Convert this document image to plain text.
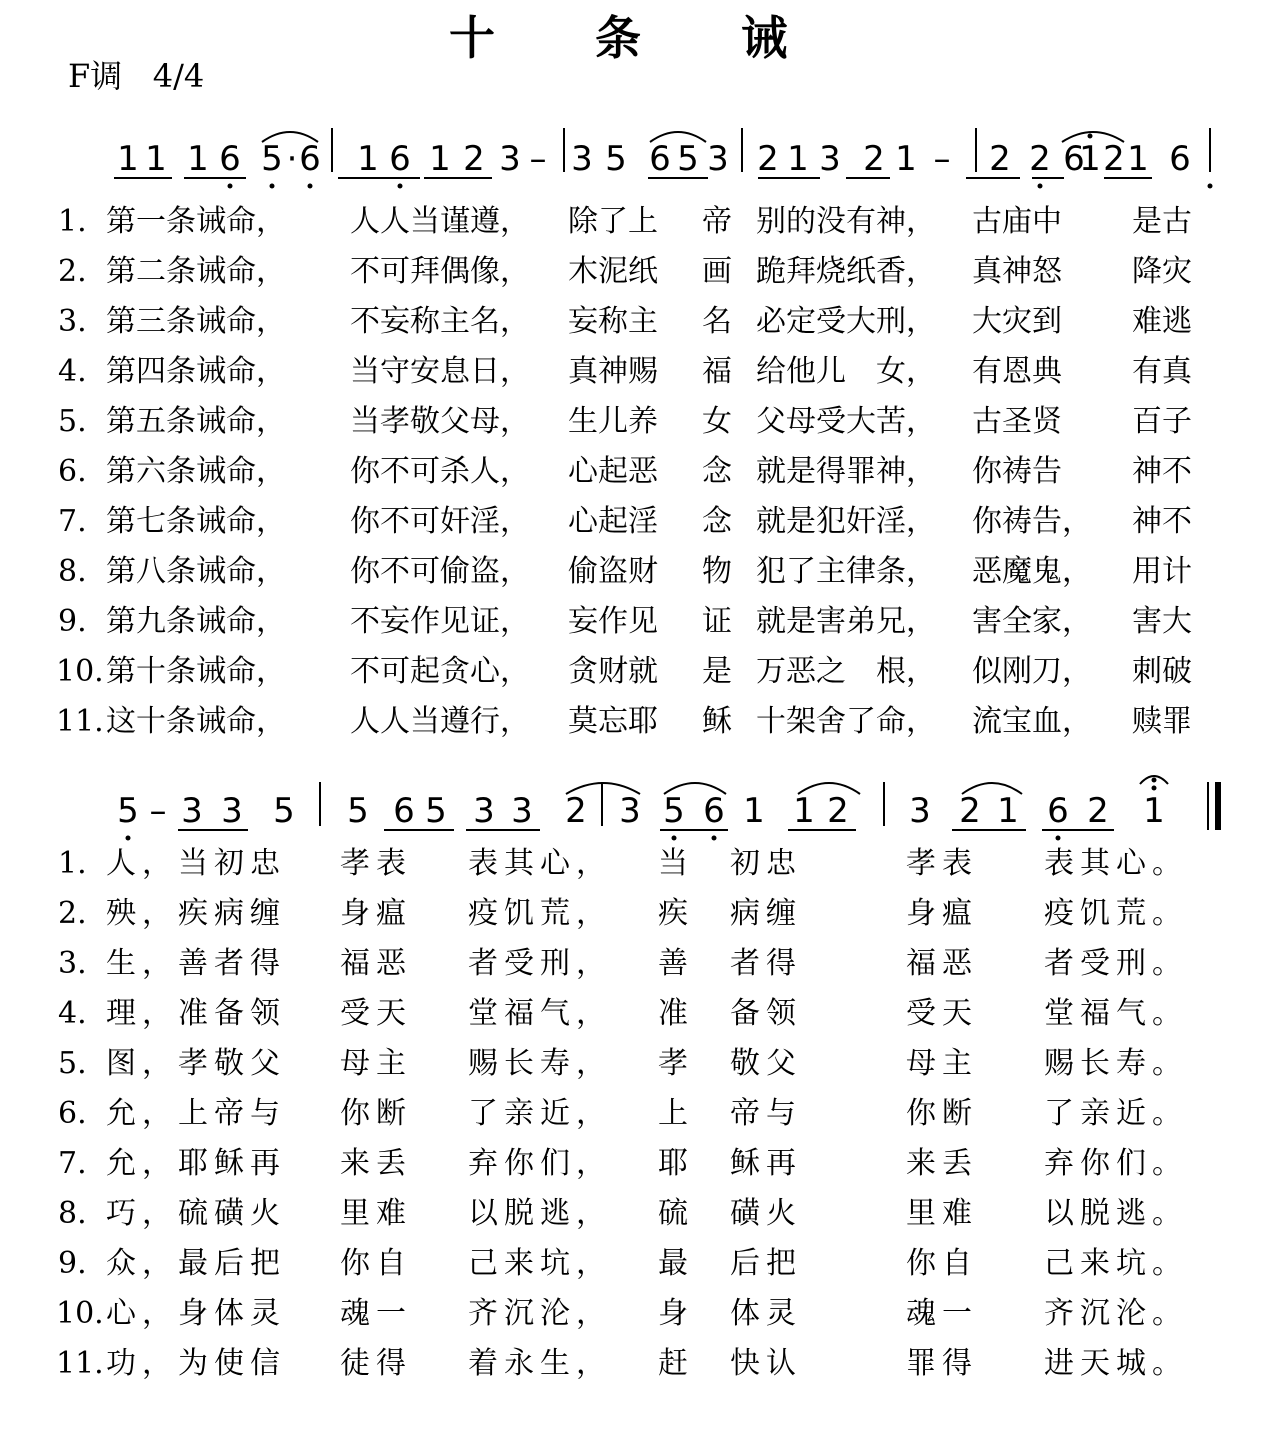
十 条 诫
F调 4/4
1 1 1 6 5 · 6 1 6 1 2 3 – 3 5 6 5 3 2 1 3 2 1 – 2 2 6
1 2 1 6
1. 第一条诫命， 人人当谨遵， 除了上 帝 别的没有神， 古庙中 是古
2. 第二条诫命， 不可拜偶像， 木泥纸 画 跪拜烧纸香， 真神怒 降灾
3. 第三条诫命， 不妄称主名， 妄称主 名 必定受大刑， 大灾到 难逃
4. 第四条诫命， 当守安息日， 真神赐 福 给他儿　女， 有恩典 有真
5. 第五条诫命， 当孝敬父母， 生儿养 女 父母受大苦， 古圣贤 百子
6. 第六条诫命， 你不可杀人， 心起恶 念 就是得罪神， 你祷告 神不
7. 第七条诫命， 你不可奸淫， 心起淫 念 就是犯奸淫， 你祷告， 神不
8. 第八条诫命， 你不可偷盗， 偷盗财 物 犯了主律条， 恶魔鬼， 用计
9. 第九条诫命， 不妄作见证， 妄作见 证 就是害弟兄， 害全家， 害大
10. 第十条诫命， 不可起贪心， 贪财就 是 万恶之　根， 似刚刀， 刺破
11. 这十条诫命， 人人当遵行， 莫忘耶 稣 十架舍了命， 流宝血， 赎罪
5 – 3 3 5 5 6 5 3 3 2 3 5 6 1 1 2 3 2 1 6 2 1
1. 人，当初忠 孝表 表其心， 当　初忠	孝表 表其心。
2. 殃，疾病缠 身瘟 疫饥荒， 疾　病缠	身瘟 疫饥荒。
3. 生，善者得 福恶 者受刑， 善　者得	福恶 者受刑。
4. 理，准备领 受天 堂福气， 准　备领	受天 堂福气。
5. 图，孝敬父 母主 赐长寿， 孝　敬父	母主 赐长寿。
6. 允，上帝与 你断 了亲近， 上　帝与	你断 了亲近。
7. 允，耶稣再 来丢 弃你们， 耶　稣再	来丢 弃你们。
8. 巧，硫磺火 里难 以脱逃， 硫　磺火	里难 以脱逃。
9. 众，最后把 你自 己来坑， 最　后把	你自 己来坑。
10. 心，身体灵 魂一 齐沉沦， 身　体灵	魂一 齐沉沦。
11. 功，为使信 徒得 着永生， 赶　快认	罪得 进天城。
